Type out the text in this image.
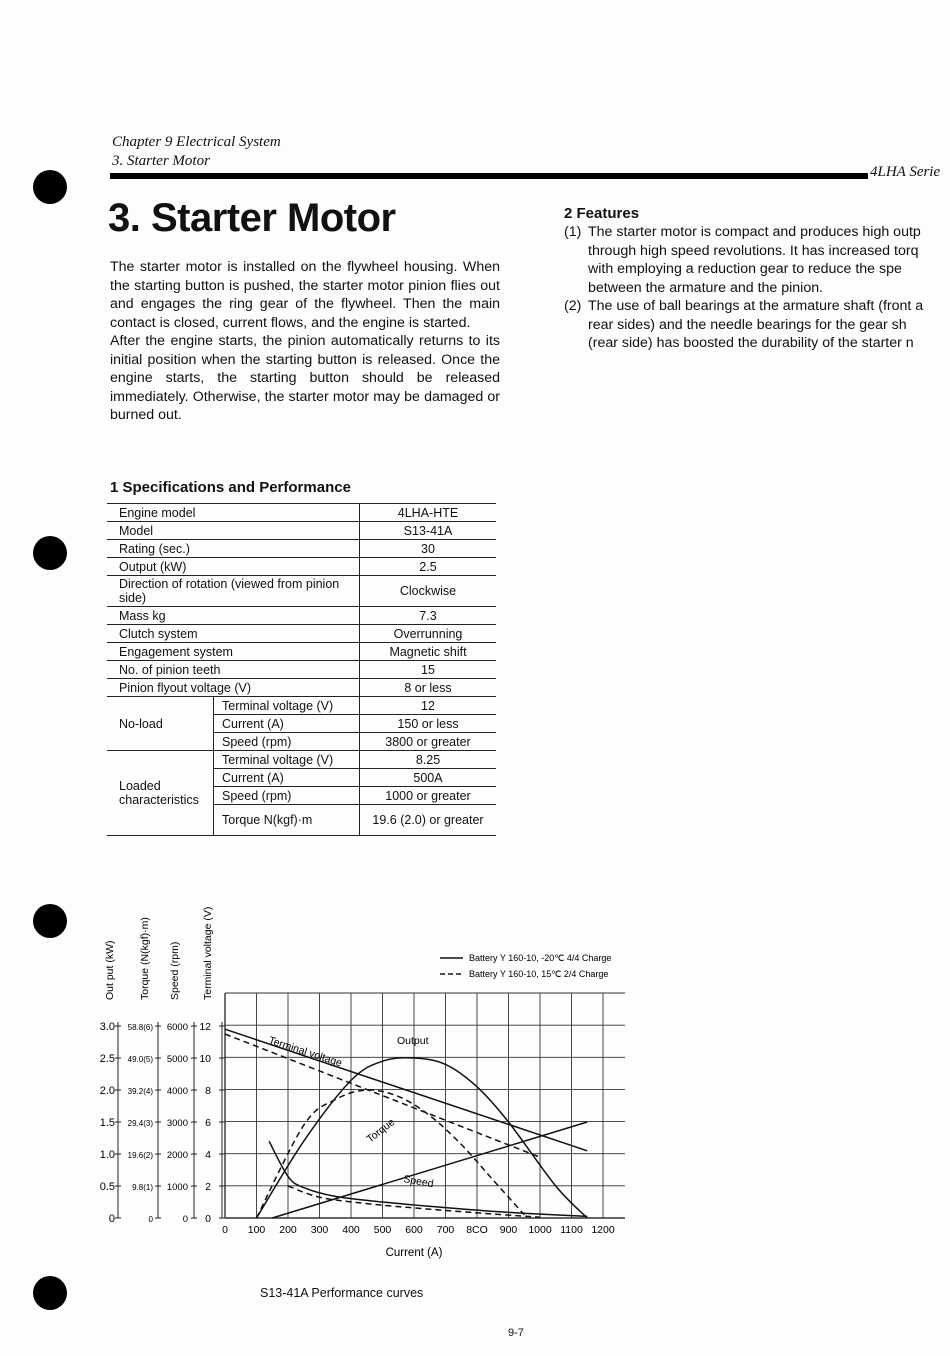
Chapter 9 Electrical System
3. Starter Motor
4LHA Serie
3. Starter Motor

The starter motor is installed on the flywheel housing. When the starting button is pushed, the starter motor pinion flies out and engages the ring gear of the flywheel. Then the main contact is closed, current flows, and the engine is started.

After the engine starts, the pinion automatically returns to its initial position when the starting button is released. Once the engine starts, the starting button should be released immediately. Otherwise, the starter motor may be damaged or burned out.

2 Features
(1) The starter motor is compact and produces high outp
through high speed revolutions. It has increased torq
with employing a reduction gear to reduce the spe
between the armature and the pinion.
(2) The use of ball bearings at the armature shaft (front a
rear sides) and the needle bearings for the gear sh
(rear side) has boosted the durability of the starter n
1 Specifications and Performance
Engine model		4LHA-HTE
Model		S13-41A
Rating (sec.)		30
Output (kW)		2.5
Direction of rotation (viewed from pinion side)		Clockwise
Mass kg		7.3
Clutch system		Overrunning
Engagement system		Magnetic shift
No. of pinion teeth		15
Pinion flyout voltage (V)		8 or less
No-load	Terminal voltage (V)	12
	Current (A)	150 or less
	Speed (rpm)	3800 or greater
Loaded characteristics	Terminal voltage (V)	8.25
	Current (A)	500A
	Speed (rpm)	1000 or greater
	Torque N(kgf)·m	19.6 (2.0) or greater
Out put (kW) Torque (N(kgf)·m) Speed (rpm) Terminal voltage (V)
0 100 200 300 400 500 600 700 8CO 900 1000 1100 1200
3.0
2.5
2.0
1.5
1.0
0.5
0
58.8(6)
49.0(5)
39.2(4)
29.4(3)
19.6(2)
9.8(1)
0
6000
5000
4000
3000
2000
1000
0
12
10
8
6
4
2
0
Terminal voltage	Output
Torque
Speed
Battery Y 160-10, -20℃ 4/4 Charge
Battery Y 160-10, 15℃ 2/4 Charge
Current (A)
S13-41A Performance curves
9-7
